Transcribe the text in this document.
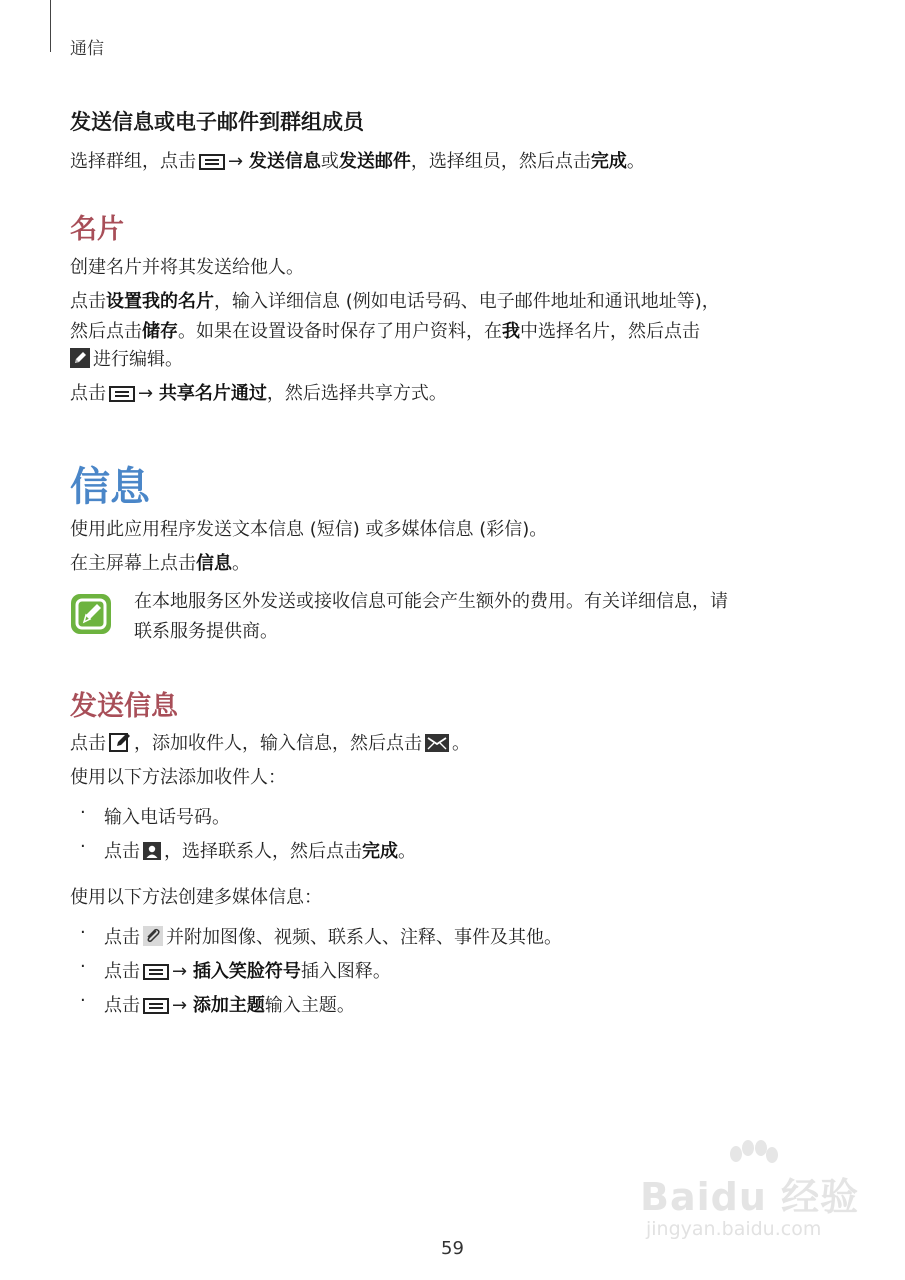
通信
发送信息或电子邮件到群组成员
选择群组，点击 → 发送信息或发送邮件，选择组员，然后点击完成。
名片
创建名片并将其发送给他人。
点击设置我的名片，输入详细信息 (例如电话号码、电子邮件地址和通讯地址等)，
然后点击储存。如果在设置设备时保存了用户资料，在我中选择名片，然后点击
进行编辑。
点击 → 共享名片通过，然后选择共享方式。
信息
使用此应用程序发送文本信息 (短信) 或多媒体信息 (彩信)。
在主屏幕上点击信息。
在本地服务区外发送或接收信息可能会产生额外的费用。有关详细信息，请
联系服务提供商。
发送信息
点击 ，添加收件人，输入信息，然后点击 。
使用以下方法添加收件人：
· 输入电话号码。
· 点击 ，选择联系人，然后点击完成。
使用以下方法创建多媒体信息：
· 点击 并附加图像、视频、联系人、注释、事件及其他。
· 点击 → 插入笑脸符号插入图释。
· 点击 → 添加主题输入主题。
Baidu 经验
jingyan.baidu.com
59
